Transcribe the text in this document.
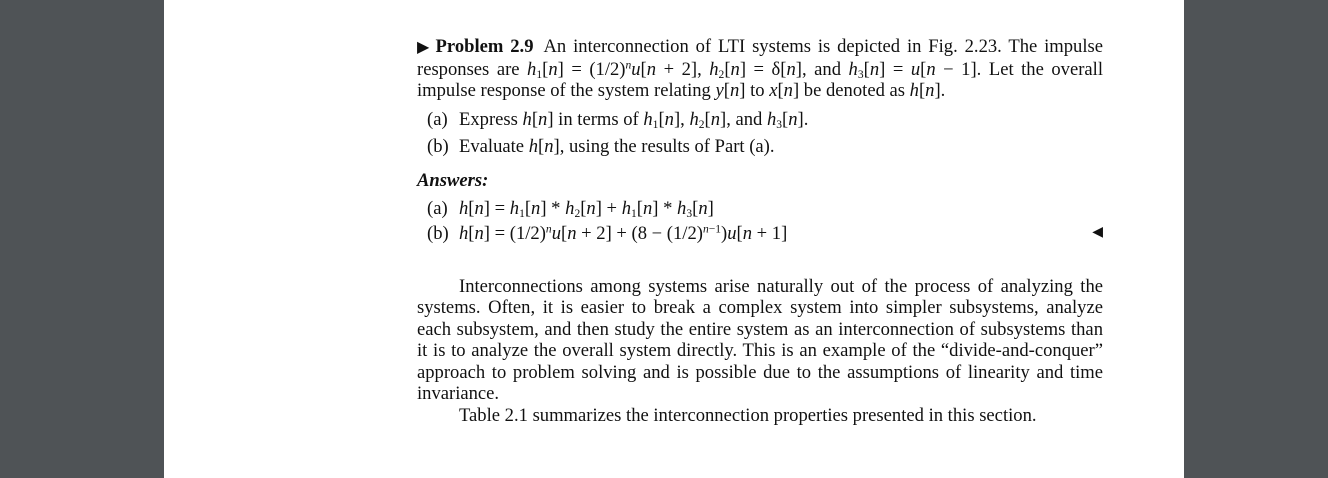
▶ Problem 2.9 An interconnection of LTI systems is depicted in Fig. 2.23. The impulse responses are $h_1[n] = (1/2)^nu[n + 2]$, $h_2[n] = \delta[n]$, and $h_3[n] = u[n - 1]$. Let the overall impulse response of the system relating y[n] to x[n] be denoted as h[n].

(a) Express h[n] in terms of $h_1[n]$, $h_2[n]$, and $h_3[n]$.
(b) Evaluate h[n], using the results of Part (a).
Answers:
(a) $h[n] = h_1[n] * h_2[n] + h_1[n] * h_3[n]$
(b) $h[n] = (1/2)^nu[n + 2] + (8 - (1/2)^{n-1})u[n + 1]$	◀

Interconnections among systems arise naturally out of the process of analyzing the systems. Often, it is easier to break a complex system into simpler subsystems, analyze each subsystem, and then study the entire system as an interconnection of subsystems than it is to analyze the overall system directly. This is an example of the “divide-and-conquer” approach to problem solving and is possible due to the assumptions of linearity and time invariance.

Table 2.1 summarizes the interconnection properties presented in this section.
